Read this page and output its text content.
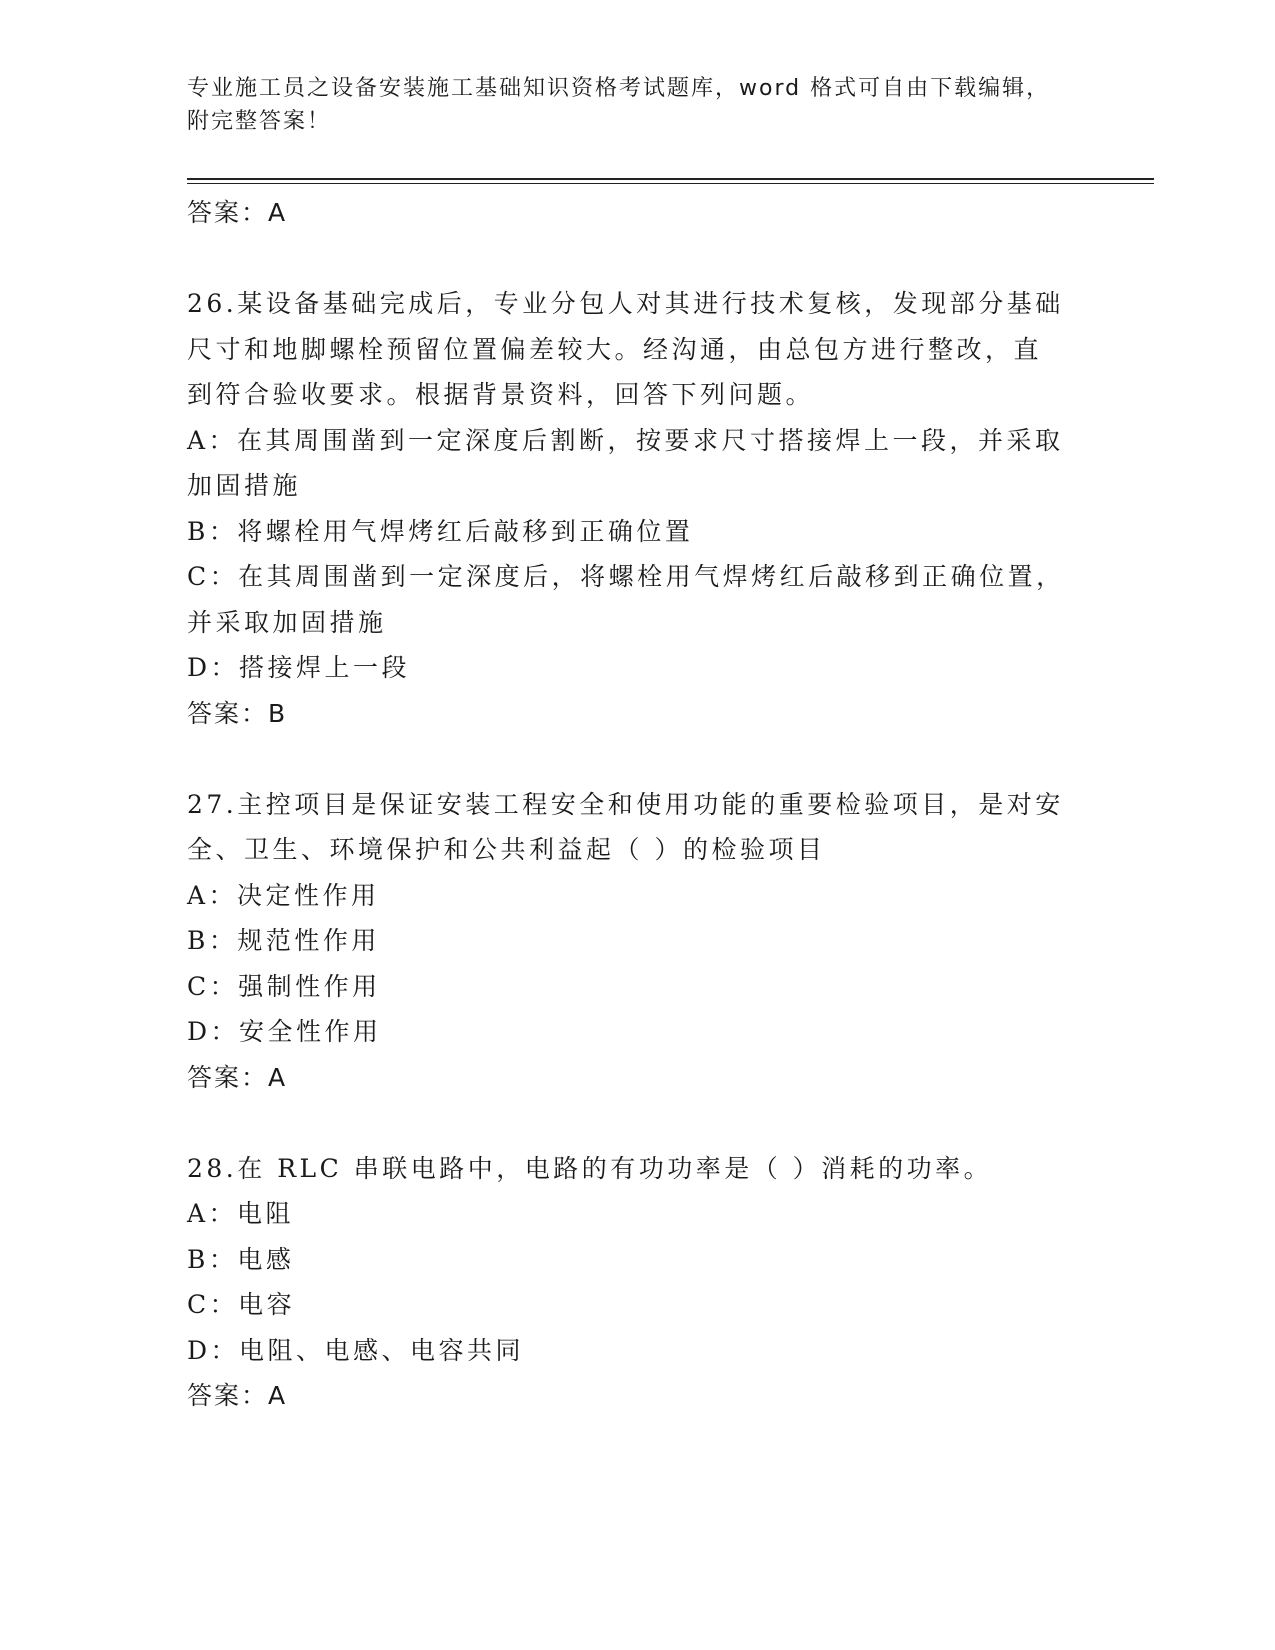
专业施工员之设备安装施工基础知识资格考试题库，word 格式可自由下载编辑，
附完整答案！
答案：A
26.某设备基础完成后，专业分包人对其进行技术复核，发现部分基础
尺寸和地脚螺栓预留位置偏差较大。经沟通，由总包方进行整改，直
到符合验收要求。根据背景资料，回答下列问题。
A：在其周围凿到一定深度后割断，按要求尺寸搭接焊上一段，并采取
加固措施
B：将螺栓用气焊烤红后敲移到正确位置
C：在其周围凿到一定深度后，将螺栓用气焊烤红后敲移到正确位置，
并采取加固措施
D：搭接焊上一段
答案：B
27.主控项目是保证安装工程安全和使用功能的重要检验项目，是对安
全、卫生、环境保护和公共利益起（ ）的检验项目
A：决定性作用
B：规范性作用
C：强制性作用
D：安全性作用
答案：A
28.在 RLC 串联电路中，电路的有功功率是（ ）消耗的功率。
A：电阻
B：电感
C：电容
D：电阻、电感、电容共同
答案：A
